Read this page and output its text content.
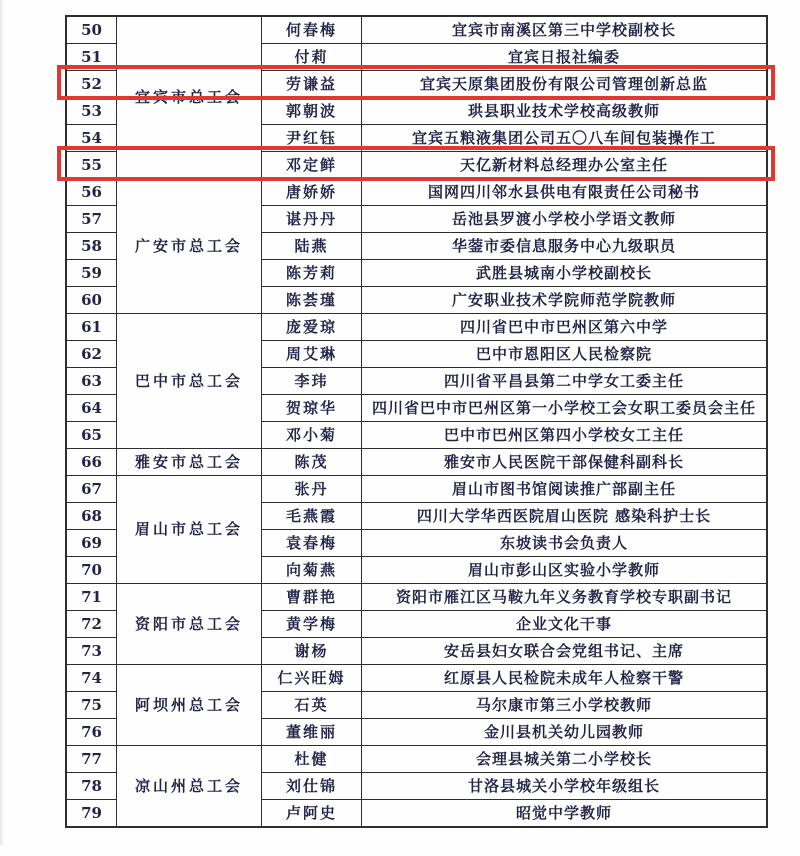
50	宜宾市总工会	何春梅	宜宾市南溪区第三中学校副校长
51		付莉	宜宾日报社编委
52		劳谦益	宜宾天原集团股份有限公司管理创新总监
53		郭朝波	珙县职业技术学校高级教师
54		尹红钰	宜宾五粮液集团公司五〇八车间包装操作工
55		邓定鲜	天亿新材料总经理办公室主任
56	广安市总工会	唐娇娇	国网四川邻水县供电有限责任公司秘书
57		谌丹丹	岳池县罗渡小学校小学语文教师
58		陆燕	华蓥市委信息服务中心九级职员
59		陈芳莉	武胜县城南小学校副校长
60		陈荟瑾	广安职业技术学院师范学院教师
61	巴中市总工会	庞爱琼	四川省巴中市巴州区第六中学
62		周艾琳	巴中市恩阳区人民检察院
63		李玮	四川省平昌县第二中学女工委主任
64		贺琼华	四川省巴中市巴州区第一小学校工会女职工委员会主任
65		邓小菊	巴中市巴州区第四小学校女工主任
66	雅安市总工会	陈茂	雅安市人民医院干部保健科副科长
67	眉山市总工会	张丹	眉山市图书馆阅读推广部副主任
68		毛燕霞	四川大学华西医院眉山医院 感染科护士长
69		袁春梅	东坡读书会负责人
70		向菊燕	眉山市彭山区实验小学教师
71	资阳市总工会	曹群艳	资阳市雁江区马鞍九年义务教育学校专职副书记
72		黄学梅	企业文化干事
73		谢杨	安岳县妇女联合会党组书记、主席
74	阿坝州总工会	仁兴旺姆	红原县人民检院未成年人检察干警
75		石英	马尔康市第三小学校教师
76		董维丽	金川县机关幼儿园教师
77	凉山州总工会	杜健	会理县城关第二小学校长
78		刘仕锦	甘洛县城关小学校年级组长
79		卢阿史	昭觉中学教师
